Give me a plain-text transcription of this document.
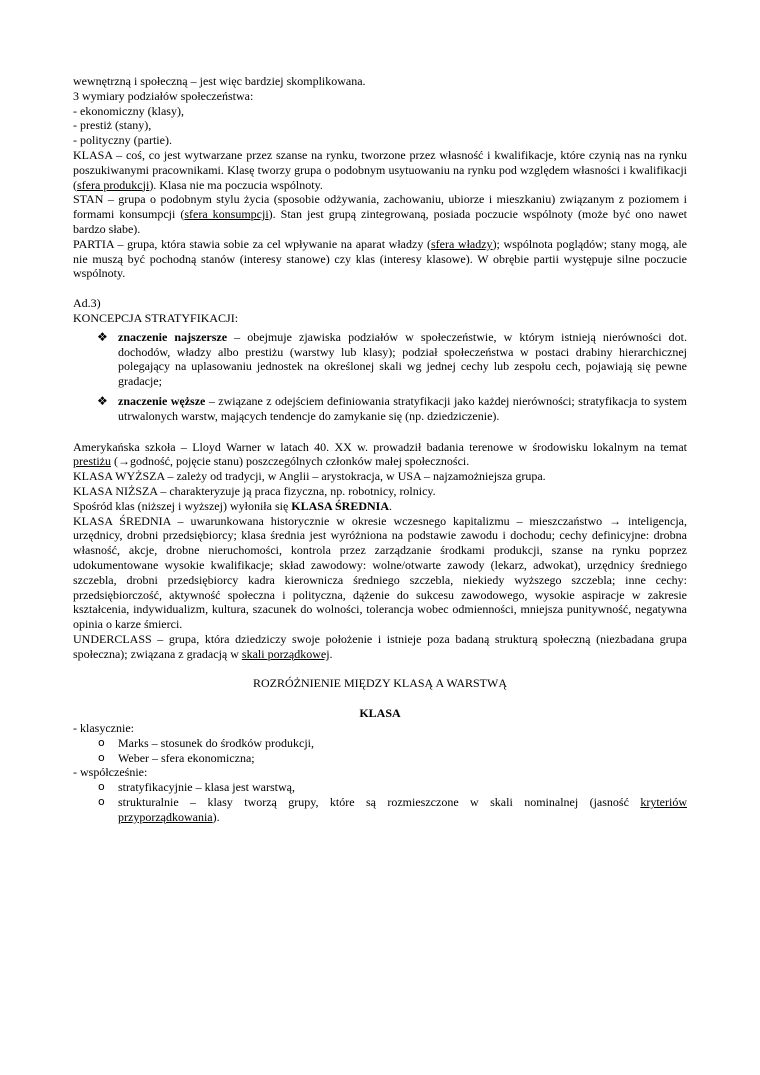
wewnętrzną i społeczną – jest więc bardziej skomplikowana.

3 wymiary podziałów społeczeństwa:

- ekonomiczny (klasy),

- prestiż (stany),

- polityczny (partie).

KLASA – coś, co jest wytwarzane przez szanse na rynku, tworzone przez własność i kwalifikacje, które czynią nas na rynku poszukiwanymi pracownikami. Klasę tworzy grupa o podobnym usytuowaniu na rynku pod względem własności i kwalifikacji (sfera produkcji). Klasa nie ma poczucia wspólnoty.

STAN – grupa o podobnym stylu życia (sposobie odżywania, zachowaniu, ubiorze i mieszkaniu) związanym z poziomem i formami konsumpcji (sfera konsumpcji). Stan jest grupą zintegrowaną, posiada poczucie wspólnoty (może być ono nawet bardzo słabe).

PARTIA – grupa, która stawia sobie za cel wpływanie na aparat władzy (sfera władzy); wspólnota poglądów; stany mogą, ale nie muszą być pochodną stanów (interesy stanowe) czy klas (interesy klasowe). W obrębie partii występuje silne poczucie wspólnoty.

Ad.3)

KONCEPCJA STRATYFIKACJI:

❖ znaczenie najszersze – obejmuje zjawiska podziałów w społeczeństwie, w którym istnieją nierówności dot. dochodów, władzy albo prestiżu (warstwy lub klasy); podział społeczeństwa w postaci drabiny hierarchicznej polegający na uplasowaniu jednostek na określonej skali wg jednej cechy lub zespołu cech, pojawiają się pewne gradacje;
❖ znaczenie węższe – związane z odejściem definiowania stratyfikacji jako każdej nierówności; stratyfikacja to system utrwalonych warstw, mających tendencje do zamykanie się (np. dziedziczenie).

Amerykańska szkoła – Lloyd Warner w latach 40. XX w. prowadził badania terenowe w środowisku lokalnym na temat prestiżu (→godność, pojęcie stanu) poszczególnych członków małej społeczności.

KLASA WYŻSZA – zależy od tradycji, w Anglii – arystokracja, w USA – najzamożniejsza grupa.

KLASA NIŻSZA – charakteryzuje ją praca fizyczna, np. robotnicy, rolnicy.

Spośród klas (niższej i wyższej) wyłoniła się KLASA ŚREDNIA.

KLASA ŚREDNIA – uwarunkowana historycznie w okresie wczesnego kapitalizmu – mieszczaństwo → inteligencja, urzędnicy, drobni przedsiębiorcy; klasa średnia jest wyróżniona na podstawie zawodu i dochodu; cechy definicyjne: drobna własność, akcje, drobne nieruchomości, kontrola przez zarządzanie środkami produkcji, szanse na rynku poprzez udokumentowane wysokie kwalifikacje; skład zawodowy: wolne/otwarte zawody (lekarz, adwokat), urzędnicy średniego szczebla, drobni przedsiębiorcy kadra kierownicza średniego szczebla, niekiedy wyższego szczebla; inne cechy: przedsiębiorczość, aktywność społeczna i polityczna, dążenie do sukcesu zawodowego, wysokie aspiracje w zakresie kształcenia, indywidualizm, kultura, szacunek do wolności, tolerancja wobec odmienności, mniejsza punitywność, negatywna opinia o karze śmierci.

UNDERCLASS – grupa, która dziedziczy swoje położenie i istnieje poza badaną strukturą społeczną (niezbadana grupa społeczna); związana z gradacją w skali porządkowej.

ROZRÓŻNIENIE MIĘDZY KLASĄ A WARSTWĄ

KLASA

- klasycznie:

o Marks – stosunek do środków produkcji,
o Weber – sfera ekonomiczna;

- współcześnie:

o stratyfikacyjnie – klasa jest warstwą,
o strukturalnie – klasy tworzą grupy, które są rozmieszczone w skali nominalnej (jasność kryteriów przyporządkowania).
